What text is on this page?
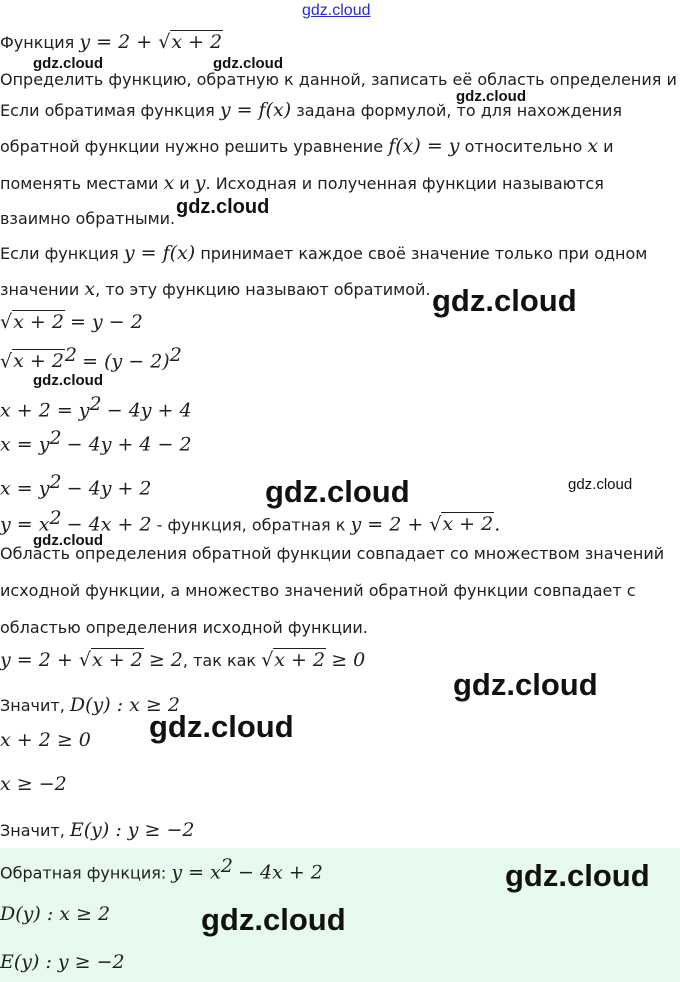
gdz.cloud
Функция y = 2 + √x + 2
Определить функцию, обратную к данной, записать её область определения и
Если обратимая функция y = f(x) задана формулой, то для нахождения
обратной функции нужно решить уравнение f(x) = y относительно x и
поменять местами x и y. Исходная и полученная функции называются
взаимно обратными.
Если функция y = f(x) принимает каждое своё значение только при одном
значении x, то эту функцию называют обратимой.
√x + 2 = y − 2
$√x + 2^2 = (y - 2)^2$
$x + 2 = y^2 - 4y + 4$
$x = y^2 - 4y + 4 - 2$
$x = y^2 - 4y + 2$
$y = x^2 - 4x + 2$ - функция, обратная к y = 2 + √x + 2.
Область определения обратной функции совпадает со множеством значений
исходной функции, а множество значений обратной функции совпадает с
областью определения исходной функции.
y = 2 + √x + 2 ≥ 2, так как √x + 2 ≥ 0
Значит, D(y) : x ≥ 2
x + 2 ≥ 0
x ≥ −2
Значит, E(y) : y ≥ −2
Обратная функция: $y = x^2 - 4x + 2$
D(y) : x ≥ 2
E(y) : y ≥ −2
gdz.cloud	gdz.cloud
gdz.cloud
gdz.cloud
gdz.cloud
gdz.cloud
gdz.cloud	gdz.cloud
gdz.cloud
gdz.cloud
gdz.cloud
gdz.cloud
gdz.cloud
